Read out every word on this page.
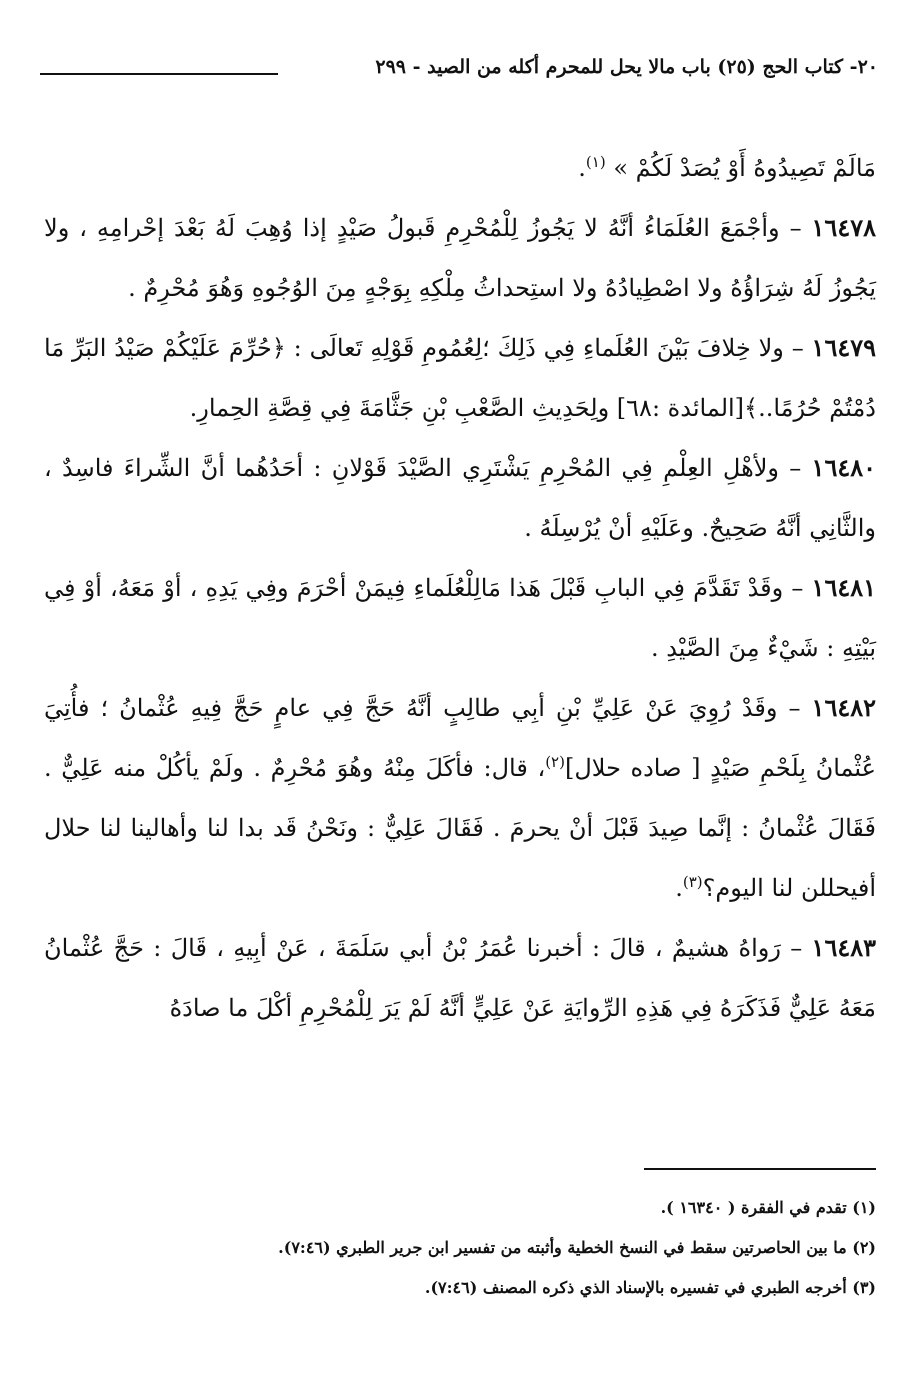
٢٠- كتاب الحج (٢٥) باب مالا يحل للمحرم أكله من الصيد - ٢٩٩

مَالَمْ تَصِيدُوهُ أَوْ يُصَدْ لَكُمْ » $^{(١)}$.

١٦٤٧٨ – وأجْمَعَ العُلَمَاءُ أنَّهُ لا يَجُوزُ لِلْمُحْرِمِ قَبولُ صَيْدٍ إذا وُهِبَ لَهُ بَعْدَ إحْرامِهِ ، ولا يَجُوزُ لَهُ شِرَاؤُهُ ولا اصْطِيادُهُ ولا استِحداثُ مِلْكِهِ بِوَجْهٍ مِنَ الوُجُوهِ وَهُوَ مُحْرِمٌ .

١٦٤٧٩ – ولا خِلافَ بَيْنَ العُلَماءِ فِي ذَلِكَ ؛لِعُمُومِ قَوْلِهِ تَعالَى : ﴿حُرِّمَ عَلَيْكُمْ صَيْدُ البَرِّ مَا دُمْتُمْ حُرُمًا..﴾[المائدة :٦٨] ولِحَدِيثِ الصَّعْبِ بْنِ جَثَّامَةَ فِي قِصَّةِ الحِمارِ.

١٦٤٨٠ – ولأهْلِ العِلْمِ فِي المُحْرِمِ يَشْتَرِي الصَّيْدَ قَوْلانِ : أحَدُهُما أنَّ الشِّراءَ فاسِدٌ ، والثَّانِي أنَّهُ صَحِيحٌ. وعَلَيْهِ أنْ يُرْسِلَهُ .

١٦٤٨١ – وقَدْ تَقَدَّمَ فِي البابِ قَبْلَ هَذا مَالِلْعُلَماءِ فِيمَنْ أحْرَمَ وفِي يَدِهِ ، أوْ مَعَهُ، أوْ فِي بَيْتِهِ : شَيْءٌ مِنَ الصَّيْدِ .

١٦٤٨٢ – وقَدْ رُوِيَ عَنْ عَلِيِّ بْنِ أبِي طالِبٍ أنَّهُ حَجَّ فِي عامٍ حَجَّ فِيهِ عُثْمانُ ؛ فأُتِيَ عُثْمانُ بِلَحْمِ صَيْدٍ [ صاده حلال]$^{(٢)}$، قال: فأكَلَ مِنْهُ وهُوَ مُحْرِمٌ . ولَمْ يأكُلْ منه عَلِيٌّ . فَقَالَ عُثْمانُ : إنَّما صِيدَ قَبْلَ أنْ يحرمَ . فَقَالَ عَلِيٌّ : ونَحْنُ قَد بدا لنا وأهالينا لنا حلال أفيحللن لنا اليوم؟$^{(٣)}$.

١٦٤٨٣ – رَواهُ هشيمٌ ، قالَ : أخبرنا عُمَرُ بْنُ أبي سَلَمَةَ ، عَنْ أبِيهِ ، قَالَ : حَجَّ عُثْمانُ مَعَهُ عَلِيٌّ فَذَكَرَهُ فِي هَذِهِ الرِّوايَةِ عَنْ عَلِيٍّ أنَّهُ لَمْ يَرَ لِلْمُحْرِمِ أكْلَ ما صادَهُ

(١) تقدم في الفقرة ( ١٦٣٤٠ ).

(٢) ما بين الحاصرتين سقط في النسخ الخطية وأثبته من تفسير ابن جرير الطبري (٧:٤٦).

(٣) أخرجه الطبري في تفسيره بالإسناد الذي ذكره المصنف (٧:٤٦).
